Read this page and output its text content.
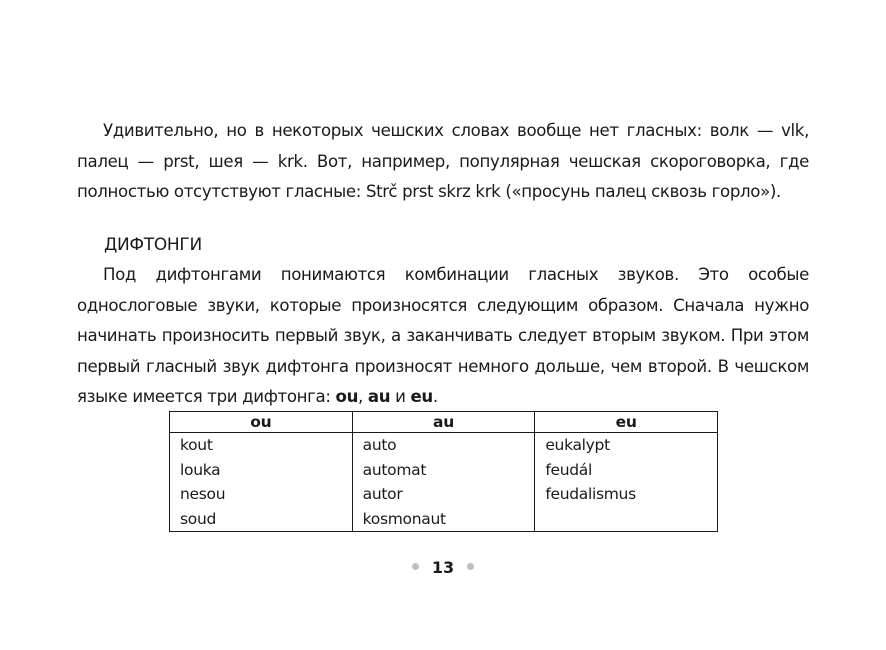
Удивительно, но в некоторых чешских словах вообще нет гласных: волк — vlk, палец — prst, шея — krk. Вот, например, популярная чешская скороговорка, где полностью отсутствуют гласные: Strč prst skrz krk («просунь палец сквозь горло»).

ДИФТОНГИ

Под дифтонгами понимаются комбинации гласных звуков. Это особые однослоговые звуки, которые произносятся следующим образом. Сначала нужно начинать произносить первый звук, а заканчивать следует вторым звуком. При этом первый гласный звук дифтонга произносят немного дольше, чем второй. В чешском языке имеется три дифтонга: ou, au и eu.

ou	au	eu
kout	auto	eukalypt
louka	automat	feudál
nesou	autor	feudalismus
soud	kosmonaut	
13
